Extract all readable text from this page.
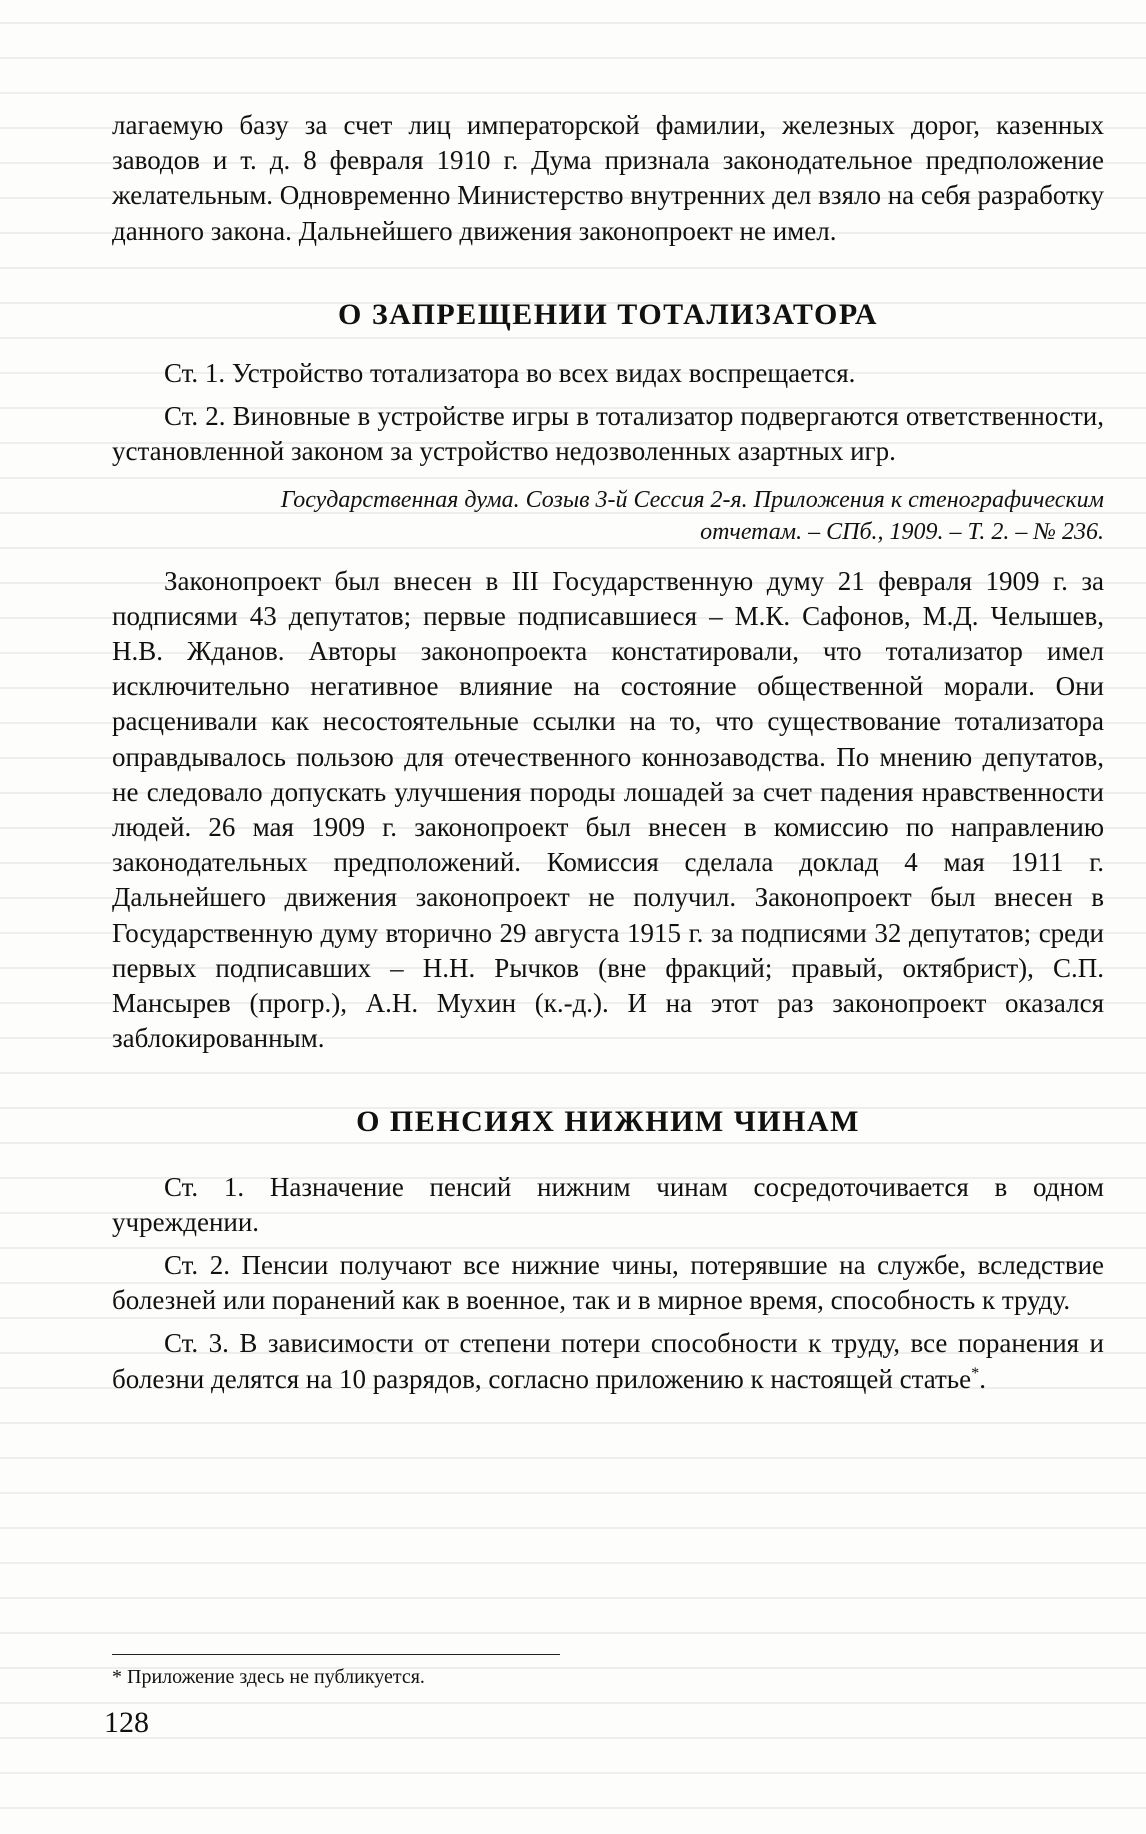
лагаемую базу за счет лиц императорской фамилии, железных дорог, казенных заводов и т. д. 8 февраля 1910 г. Дума признала законодательное предположение желательным. Одновременно Министерство внутренних дел взяло на себя разработку данного закона. Дальнейшего движения законопроект не имел.

О ЗАПРЕЩЕНИИ ТОТАЛИЗАТОРА

Ст. 1. Устройство тотализатора во всех видах воспрещается.

Ст. 2. Виновные в устройстве игры в тотализатор подвергаются ответственности, установленной законом за устройство недозволенных азартных игр.

Государственная дума. Созыв 3-й Сессия 2-я. Приложения к стенографическим
отчетам. – СПб., 1909. – Т. 2. – № 236.

Законопроект был внесен в III Государственную думу 21 февраля 1909 г. за подписями 43 депутатов; первые подписавшиеся – М.К. Сафонов, М.Д. Челышев, Н.В. Жданов. Авторы законопроекта констатировали, что тотализатор имел исключительно негативное влияние на состояние общественной морали. Они расценивали как несостоятельные ссылки на то, что существование тотализатора оправдывалось пользою для отечественного коннозаводства. По мнению депутатов, не следовало допускать улучшения породы лошадей за счет падения нравственности людей. 26 мая 1909 г. законопроект был внесен в комиссию по направлению законодательных предположений. Комиссия сделала доклад 4 мая 1911 г. Дальнейшего движения законопроект не получил. Законопроект был внесен в Государственную думу вторично 29 августа 1915 г. за подписями 32 депутатов; среди первых подписавших – Н.Н. Рычков (вне фракций; правый, октябрист), С.П. Мансырев (прогр.), А.Н. Мухин (к.-д.). И на этот раз законопроект оказался заблокированным.

О ПЕНСИЯХ НИЖНИМ ЧИНАМ

Ст. 1. Назначение пенсий нижним чинам сосредоточивается в одном учреждении.

Ст. 2. Пенсии получают все нижние чины, потерявшие на службе, вследствие болезней или поранений как в военное, так и в мирное время, способность к труду.

Ст. 3. В зависимости от степени потери способности к труду, все поранения и болезни делятся на 10 разрядов, согласно приложению к настоящей статье*.

* Приложение здесь не публикуется.
128
